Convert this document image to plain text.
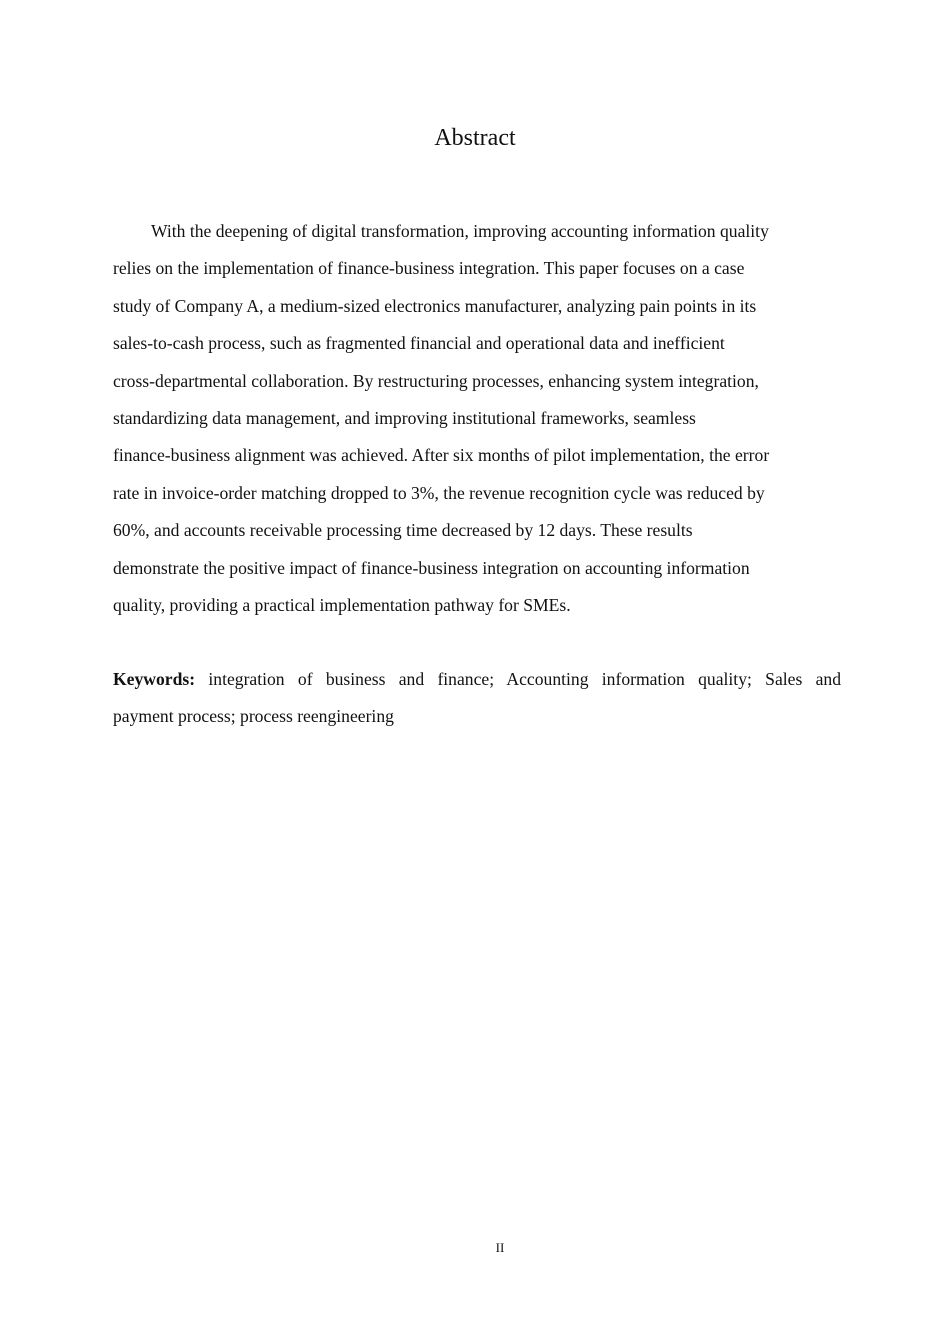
Abstract
With the deepening of digital transformation, improving accounting information quality
relies on the implementation of finance-business integration. This paper focuses on a case
study of Company A, a medium-sized electronics manufacturer, analyzing pain points in its
sales-to-cash process, such as fragmented financial and operational data and inefficient
cross-departmental collaboration. By restructuring processes, enhancing system integration,
standardizing data management, and improving institutional frameworks, seamless
finance-business alignment was achieved. After six months of pilot implementation, the error
rate in invoice-order matching dropped to 3%, the revenue recognition cycle was reduced by
60%, and accounts receivable processing time decreased by 12 days. These results
demonstrate the positive impact of finance-business integration on accounting information
quality, providing a practical implementation pathway for SMEs.
Keywords: integration of business and finance; Accounting information quality; Sales and
payment process; process reengineering
II
